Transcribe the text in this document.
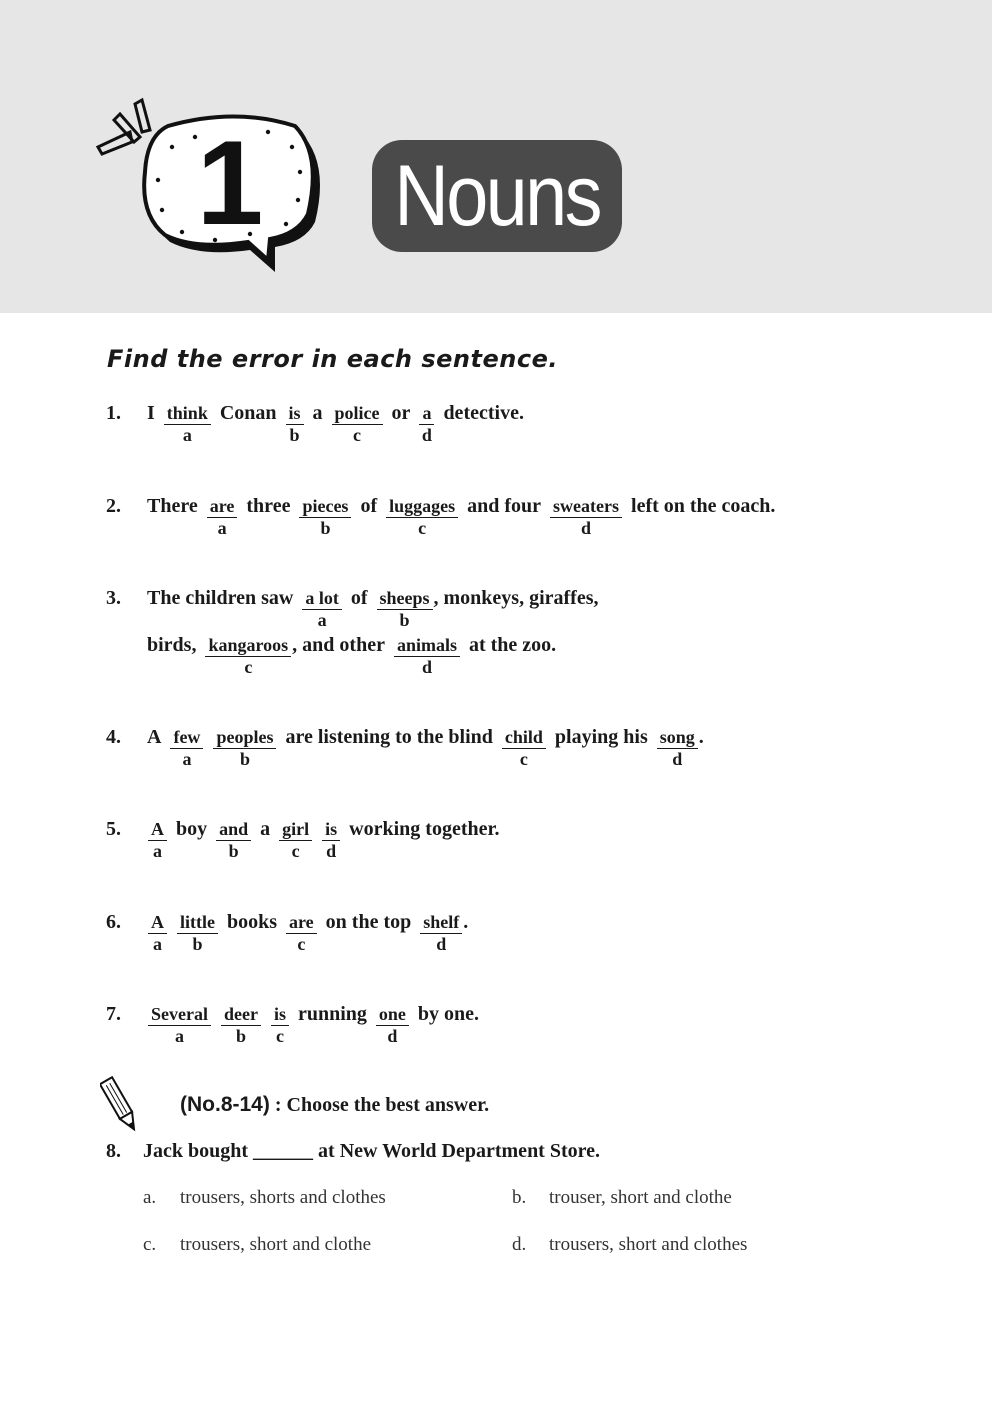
1	Nouns
Find the error in each sentence.
1.	I think
a
Conan is
b
a police
c
or a
d
detective.
2.	There are
a
three pieces
b
of luggages
c
and four sweaters
d
left on the coach.
3.	The children saw a lot
a
of sheeps
b
, monkeys, giraffes,
birds, kangaroos
c
, and other animals
d
at the zoo.
4.	A few
a
peoples
b
are listening to the blind child
c
playing his song
d
.
5.	A
a
boy and
b
a girl
c
is
d
working together.
6.	A
a
little
b
books are
c
on the top shelf
d
.
7.	Several
a
deer
b
is
c
running one
d
by one.
(No.8-14) : Choose the best answer.
8. Jack bought ______ at New World Department Store.
a. trousers, shorts and clothes	b. trouser, short and clothe
c. trousers, short and clothe	d. trousers, short and clothes
